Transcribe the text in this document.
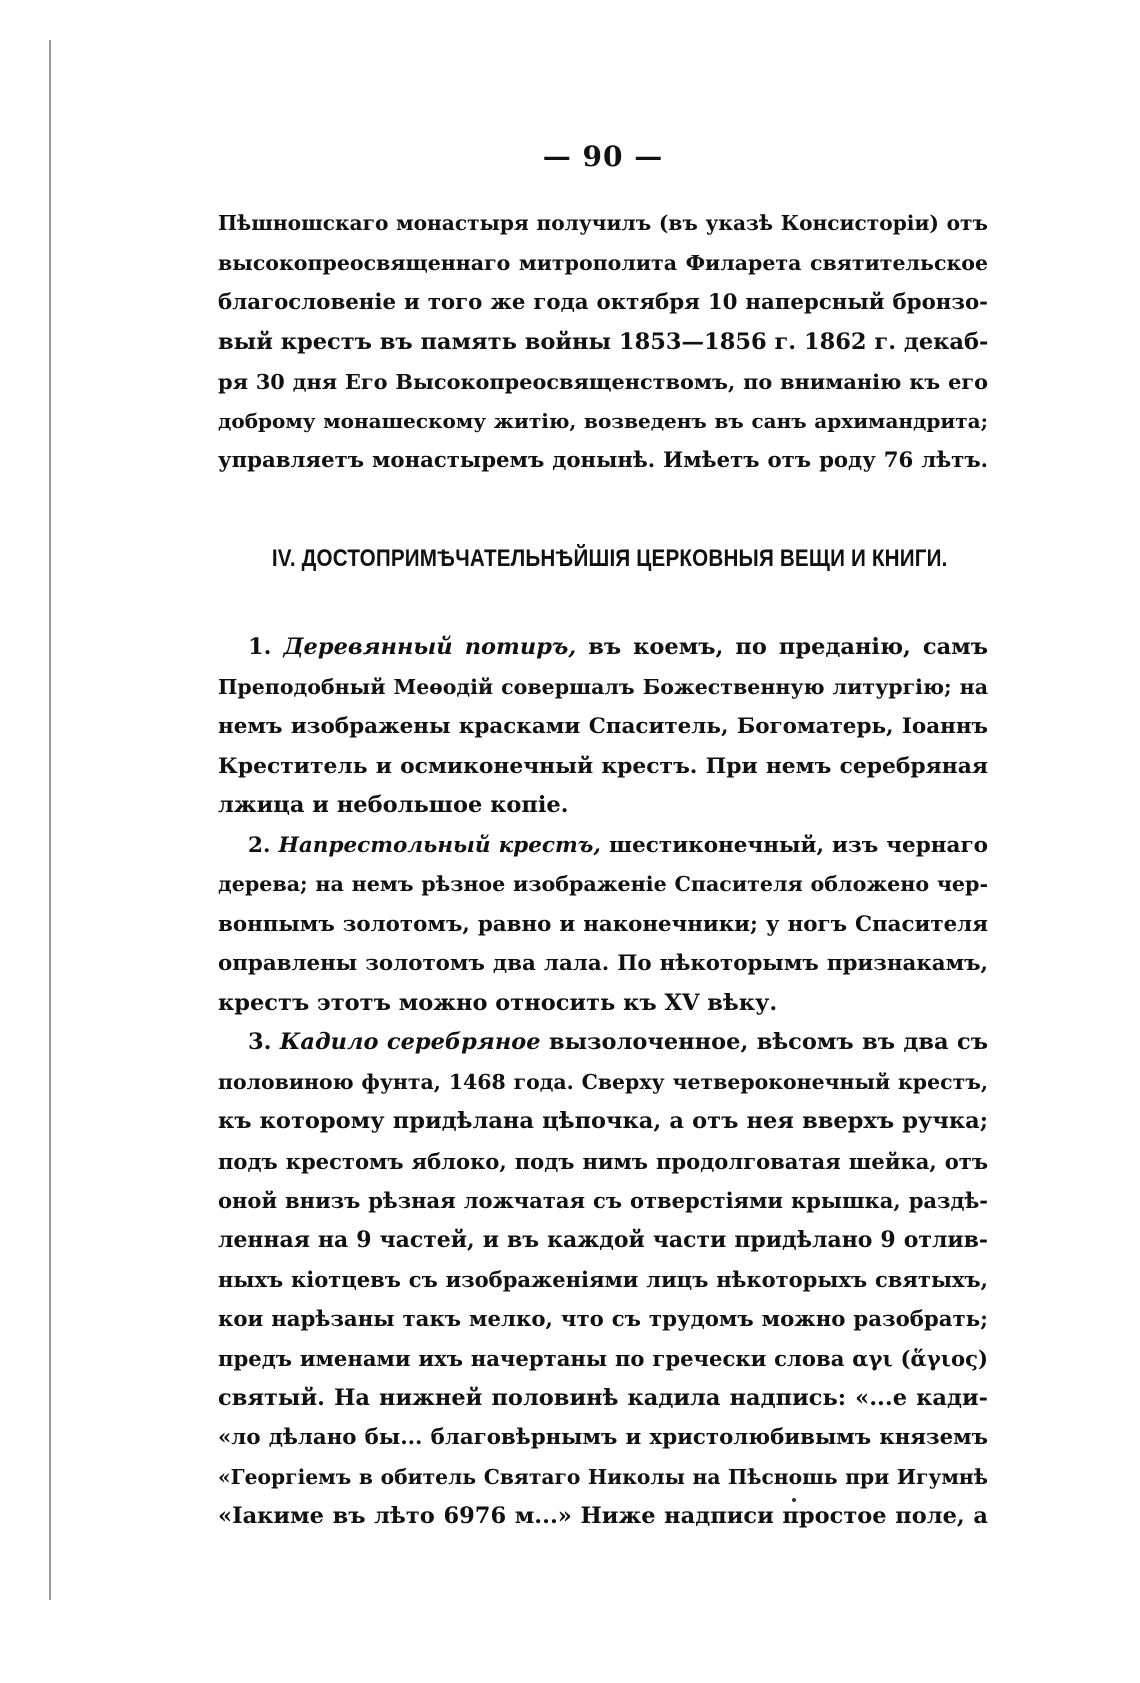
— 90 —
Пѣшношскаго монастыря получилъ (въ указѣ Консисторіи) отъ
высокопреосвященнаго митрополита Филарета святительское
благословеніе и того же года октября 10 наперсный бронзо-
вый крестъ въ память войны 1853—1856 г. 1862 г. декаб-
ря 30 дня Его Высокопреосвященствомъ, по вниманію къ его
доброму монашескому житію, возведенъ въ санъ архимандрита;
управляетъ монастыремъ донынѣ. Имѣетъ отъ роду 76 лѣтъ.
IV. ДОСТОПРИМѢЧАТЕЛЬНѢЙШІЯ ЦЕРКОВНЫЯ ВЕЩИ И КНИГИ.
1. Деревянный потиръ, въ коемъ, по преданію, самъ
Преподобный Меѳодій совершалъ Божественную литургію; на
немъ изображены красками Спаситель, Богоматерь, Іоаннъ
Креститель и осмиконечный крестъ. При немъ серебряная
лжица и небольшое копіе.
2. Напрестольный крестъ, шестиконечный, изъ чернаго
дерева; на немъ рѣзное изображеніе Спасителя обложено чер-
вонпымъ золотомъ, равно и наконечники; у ногъ Спасителя
оправлены золотомъ два лала. По нѣкоторымъ признакамъ,
крестъ этотъ можно относить къ XV вѣку.
3. Кадило серебряное вызолоченное, вѣсомъ въ два съ
половиною фунта, 1468 года. Сверху четвероконечный крестъ,
къ которому придѣлана цѣпочка, а отъ нея вверхъ ручка;
подъ крестомъ яблоко, подъ нимъ продолговатая шейка, отъ
оной внизъ рѣзная ложчатая съ отверстіями крышка, раздѣ-
ленная на 9 частей, и въ каждой части придѣлано 9 отлив-
ныхъ кіотцевъ съ изображеніями лицъ нѣкоторыхъ святыхъ,
кои нарѣзаны такъ мелко, что съ трудомъ можно разобрать;
предъ именами ихъ начертаны по гречески слова αγι (ἅγιος)
святый. На нижней половинѣ кадила надпись: «...е кади-
«ло дѣлано бы... благовѣрнымъ и христолюбивымъ княземъ
«Георгіемъ в обитель Святаго Николы на Пѣсношь при Игумнѣ
«Іакиме въ лѣто 6976 м...» Ниже надписи простое поле, а
